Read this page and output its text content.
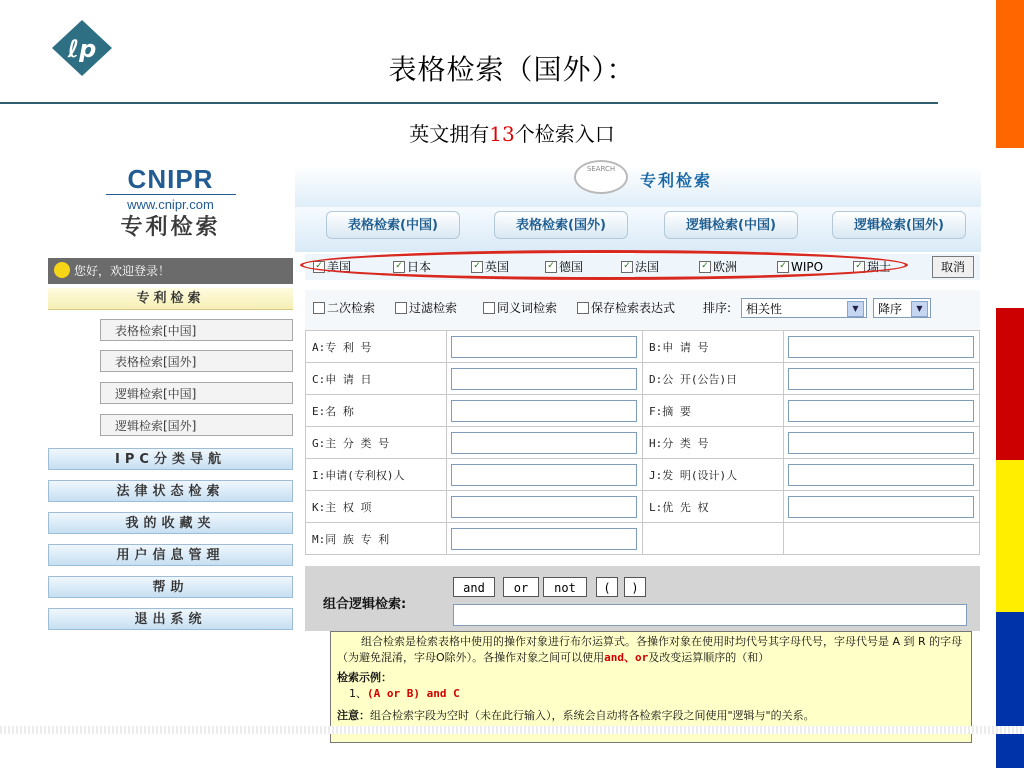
ℓp
表格检索（国外）：
英文拥有13个检索入口
CNIPR
www.cnipr.com
专利检索
您好，欢迎登录！
专利检索
表格检索[中国]
表格检索[国外]
逻辑检索[中国]
逻辑检索[国外]
IPC分类导航
法律状态检索
我的收藏夹
用户信息管理
帮助
退出系统
SEARCH
专利检索
表格检索(中国)	表格检索(国外)	逻辑检索(中国)	逻辑检索(国外)
✓ 美国	✓ 日本	✓ 英国	✓ 德国	✓ 法国	✓ 欧洲	✓ WIPO	✓ 瑞士	取消
二次检索	过滤检索	同义词检索	保存检索表达式 排序:	相关性	▼	降序	▼
A:专 利 号		B:申 请 号	

C:申 请 日		D:公 开(公告)日	

E:名 称		F:摘 要	

G:主 分 类 号		H:分 类 号	

I:申请(专利权)人		J:发 明(设计)人	

K:主 权 项		L:优 先 权	

M:同 族 专 利	

组合逻辑检索:
and	or	not	(	)
组合检索是检索表格中使用的操作对象进行布尔运算式。各操作对象在使用时均代号其字母代号，字母代号是 A 到 R 的字母（为避免混淆，字母O除外）。各操作对象之间可以使用and、or及改变运算顺序的（和）
检索示例：
1、(A or B) and C
注意：组合检索字段为空时（未在此行输入），系统会自动将各检索字段之间使用"逻辑与"的关系。
